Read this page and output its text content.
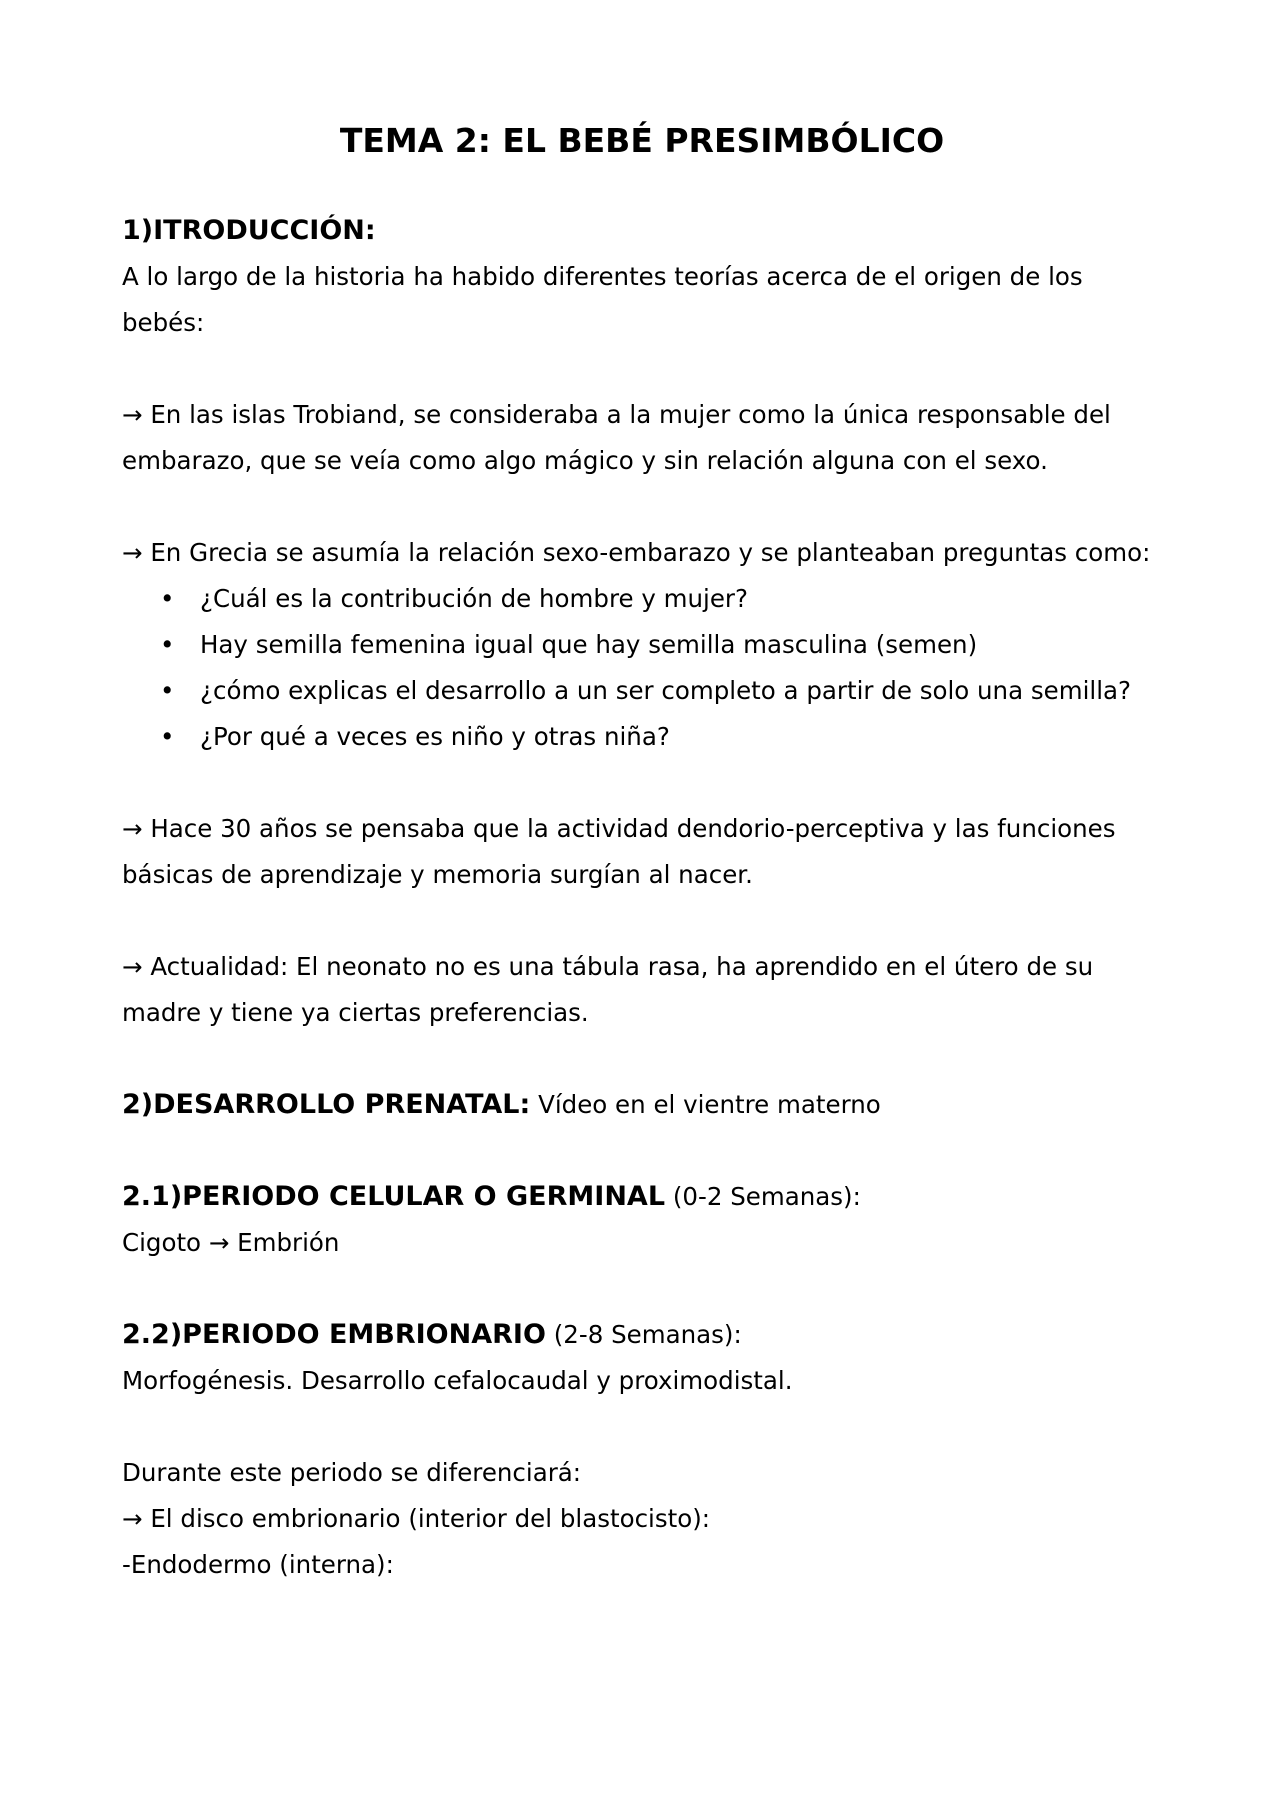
TEMA 2: EL BEBÉ PRESIMBÓLICO

1)ITRODUCCIÓN:

A lo largo de la historia ha habido diferentes teorías acerca de el origen de los bebés:

→ En las islas Trobiand, se consideraba a la mujer como la única responsable del embarazo, que se veía como algo mágico y sin relación alguna con el sexo.

→ En Grecia se asumía la relación sexo-embarazo y se planteaban preguntas como:

• ¿Cuál es la contribución de hombre y mujer?
• Hay semilla femenina igual que hay semilla masculina (semen)
• ¿cómo explicas el desarrollo a un ser completo a partir de solo una semilla?
• ¿Por qué a veces es niño y otras niña?

→ Hace 30 años se pensaba que la actividad dendorio-perceptiva y las funciones básicas de aprendizaje y memoria surgían al nacer.

→ Actualidad: El neonato no es una tábula rasa, ha aprendido en el útero de su madre y tiene ya ciertas preferencias.

2)DESARROLLO PRENATAL: Vídeo en el vientre materno

2.1)PERIODO CELULAR O GERMINAL (0-2 Semanas):

Cigoto → Embrión

2.2)PERIODO EMBRIONARIO (2-8 Semanas):

Morfogénesis. Desarrollo cefalocaudal y proximodistal.

Durante este periodo se diferenciará:

→ El disco embrionario (interior del blastocisto):

-Endodermo (interna):
